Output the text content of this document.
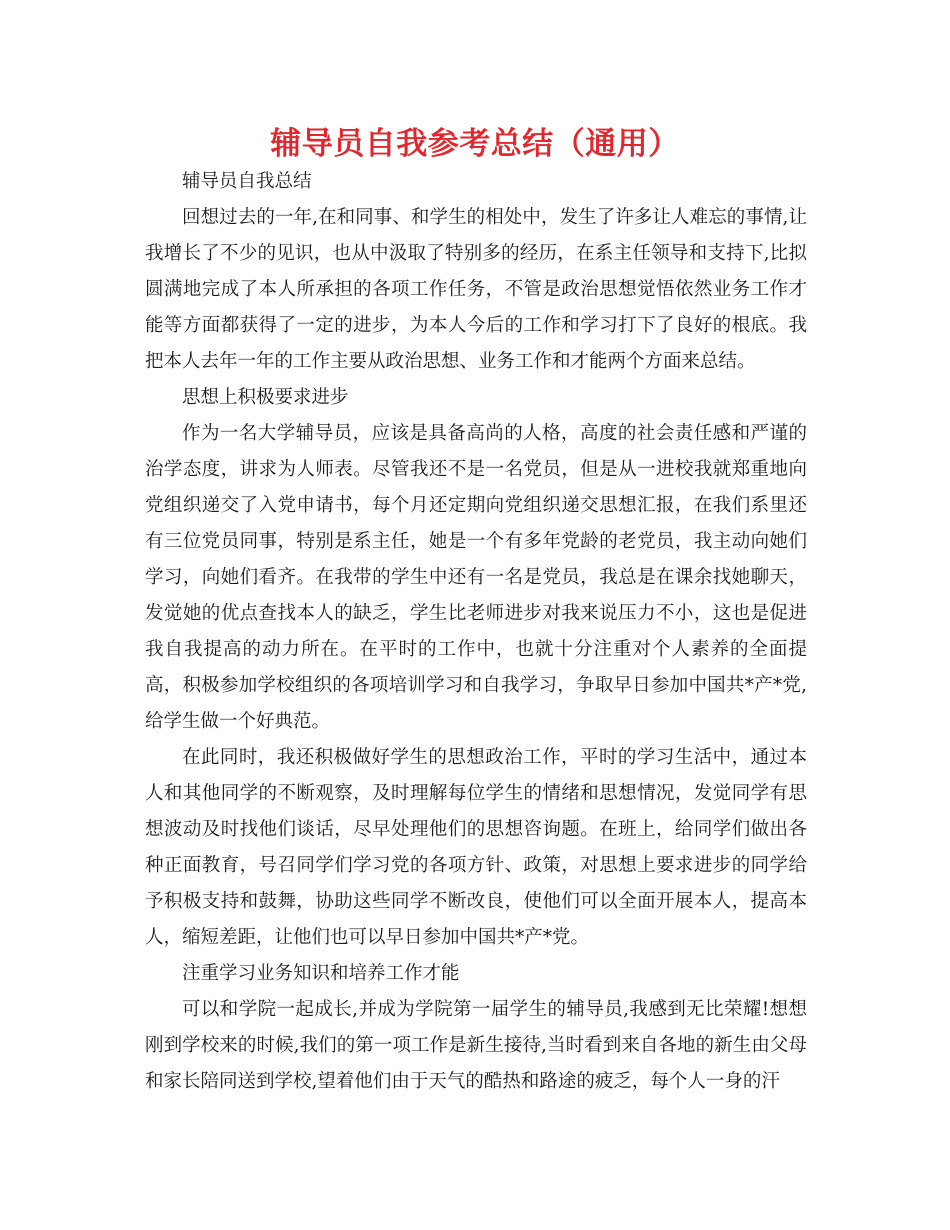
辅导员自我参考总结（通用）

辅导员自我总结

回想过去的一年,在和同事、和学生的相处中，发生了许多让人难忘的事情,让我增长了不少的见识，也从中汲取了特别多的经历，在系主任领导和支持下,比拟圆满地完成了本人所承担的各项工作任务，不管是政治思想觉悟依然业务工作才能等方面都获得了一定的进步，为本人今后的工作和学习打下了良好的根底。我把本人去年一年的工作主要从政治思想、业务工作和才能两个方面来总结。

思想上积极要求进步

作为一名大学辅导员，应该是具备高尚的人格，高度的社会责任感和严谨的治学态度，讲求为人师表。尽管我还不是一名党员，但是从一进校我就郑重地向党组织递交了入党申请书，每个月还定期向党组织递交思想汇报，在我们系里还有三位党员同事，特别是系主任，她是一个有多年党龄的老党员，我主动向她们学习，向她们看齐。在我带的学生中还有一名是党员，我总是在课余找她聊天，发觉她的优点查找本人的缺乏，学生比老师进步对我来说压力不小，这也是促进我自我提高的动力所在。在平时的工作中，也就十分注重对个人素养的全面提高，积极参加学校组织的各项培训学习和自我学习，争取早日参加中国共*产*党,给学生做一个好典范。

在此同时，我还积极做好学生的思想政治工作，平时的学习生活中，通过本人和其他同学的不断观察，及时理解每位学生的情绪和思想情况，发觉同学有思想波动及时找他们谈话，尽早处理他们的思想咨询题。在班上，给同学们做出各种正面教育，号召同学们学习党的各项方针、政策，对思想上要求进步的同学给予积极支持和鼓舞，协助这些同学不断改良，使他们可以全面开展本人，提高本人，缩短差距，让他们也可以早日参加中国共*产*党。

注重学习业务知识和培养工作才能

可以和学院一起成长,并成为学院第一届学生的辅导员,我感到无比荣耀!想想刚到学校来的时候,我们的第一项工作是新生接待,当时看到来自各地的新生由父母和家长陪同送到学校,望着他们由于天气的酷热和路途的疲乏，每个人一身的汗
